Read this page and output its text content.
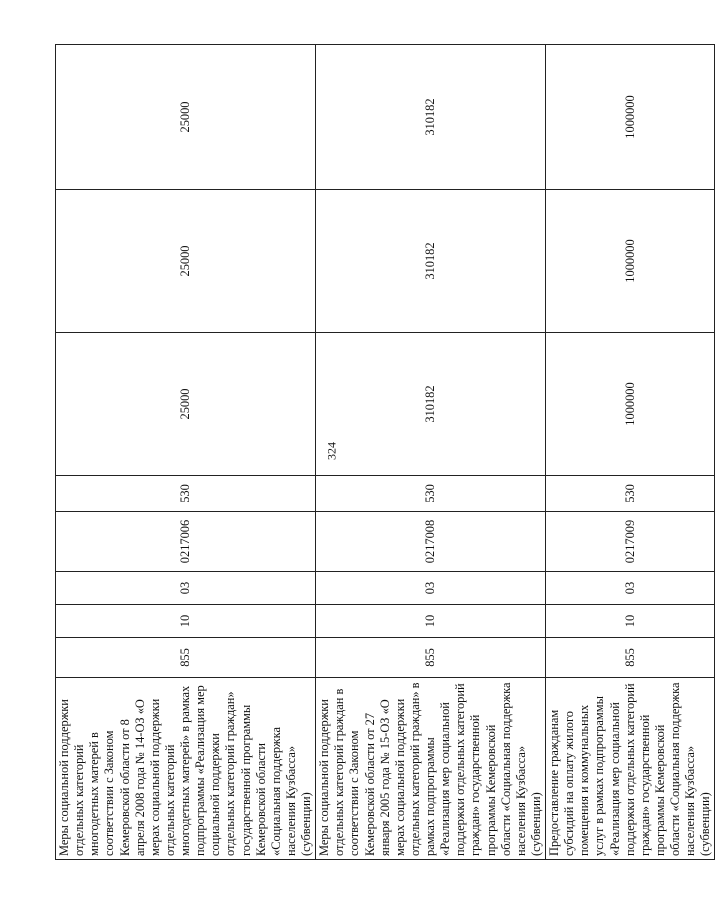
324
Меры социальной поддержки отдельных категорий многодетных матерей в соответствии с Законом Кемеровской области от 8 апреля 2008 года № 14-ОЗ «О мерах социальной поддержки отдельных категорий многодетных матерей» в рамках подпрограммы «Реализация мер социальной поддержки отдельных категорий граждан» государственной программы Кемеровской области «Социальная поддержка населения Кузбасса» (субвенции)	855	10	03	0217006	530	25000	25000	25000
Меры социальной поддержки отдельных категорий граждан в соответствии с Законом Кемеровской области от 27 января 2005 года № 15-ОЗ «О мерах социальной поддержки отдельных категорий граждан» в рамках подпрограммы «Реализация мер социальной поддержки отдельных категорий граждан» государственной программы Кемеровской области «Социальная поддержка населения Кузбасса» (субвенции)	855	10	03	0217008	530	310182	310182	310182
Предоставление гражданам субсидий на оплату жилого помещения и коммунальных услуг в рамках подпрограммы «Реализация мер социальной поддержки отдельных категорий граждан» государственной программы Кемеровской области «Социальная поддержка населения Кузбасса» (субвенции)	855	10	03	0217009	530	1000000	1000000	1000000
